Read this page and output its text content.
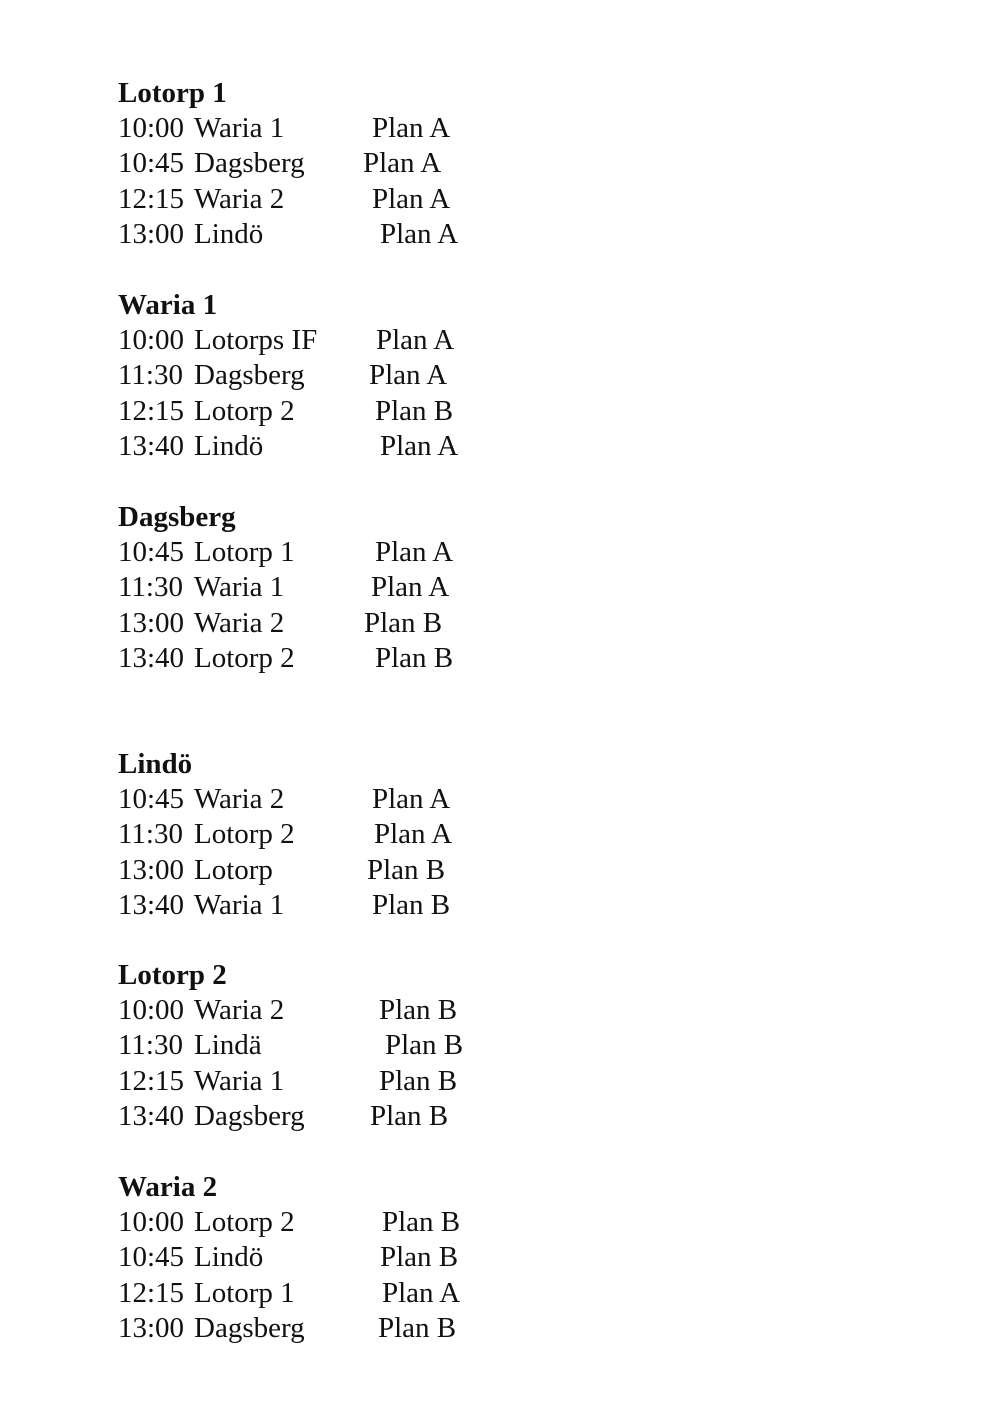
Lotorp 1
10:00 Waria 1	Plan A
10:45 Dagsberg Plan A
12:15 Waria 2	Plan A
13:00 Lindö	Plan A
Waria 1
10:00 Lotorps IF Plan A
11:30 Dagsberg Plan A
12:15 Lotorp 2	Plan B
13:40 Lindö	Plan A
Dagsberg
10:45 Lotorp 1	Plan A
11:30 Waria 1	Plan A
13:00 Waria 2	Plan B
13:40 Lotorp 2	Plan B
Lindö
10:45 Waria 2	Plan A
11:30 Lotorp 2	Plan A
13:00 Lotorp	Plan B
13:40 Waria 1	Plan B
Lotorp 2
10:00 Waria 2	Plan B
11:30 Lindä	Plan B
12:15 Waria 1	Plan B
13:40 Dagsberg Plan B
Waria 2
10:00 Lotorp 2	Plan B
10:45 Lindö	Plan B
12:15 Lotorp 1	Plan A
13:00 Dagsberg	Plan B
